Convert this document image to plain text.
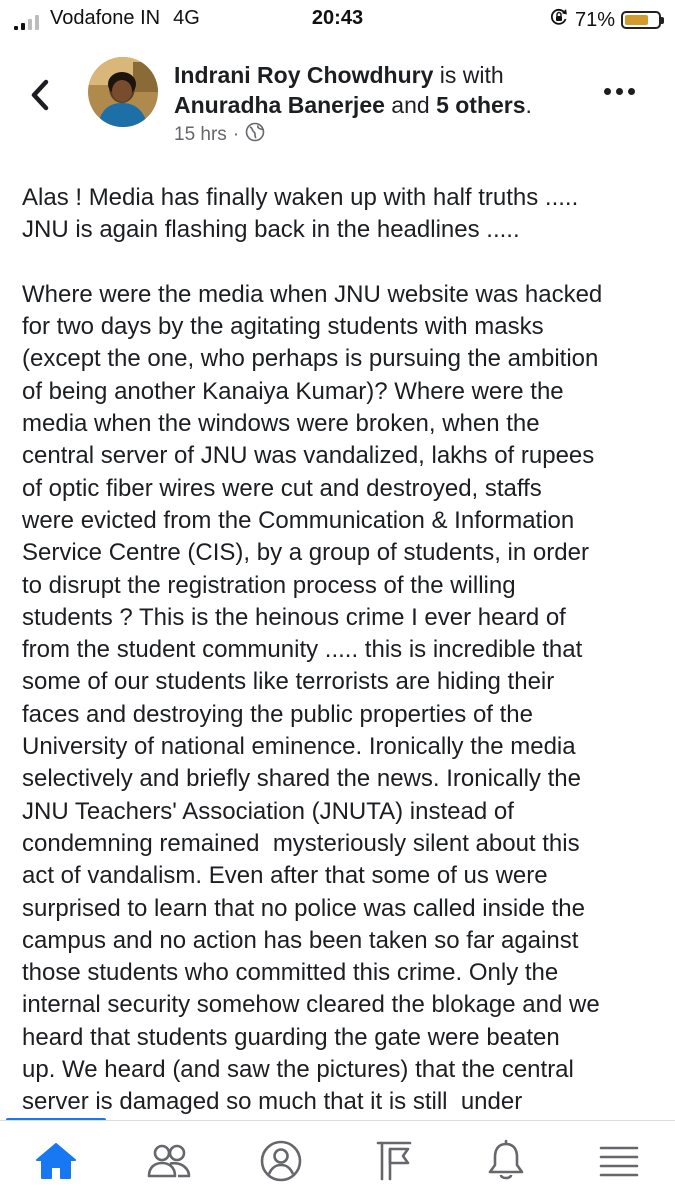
Vodafone IN 4G	20:43	71%
Indrani Roy Chowdhury is with Anuradha Banerjee and 5 others.
15 hrs ·
Alas ! Media has finally waken up with half truths .....
JNU is again flashing back in the headlines .....

Where were the media when JNU website was hacked
for two days by the agitating students with masks
(except the one, who perhaps is pursuing the ambition
of being another Kanaiya Kumar)? Where were the
media when the windows were broken, when the
central server of JNU was vandalized, lakhs of rupees
of optic fiber wires were cut and destroyed, staffs
were evicted from the Communication & Information
Service Centre (CIS), by a group of students, in order
to disrupt the registration process of the willing
students ? This is the heinous crime I ever heard of
from the student community ..... this is incredible that
some of our students like terrorists are hiding their
faces and destroying the public properties of the
University of national eminence. Ironically the media
selectively and briefly shared the news. Ironically the
JNU Teachers' Association (JNUTA) instead of
condemning remained  mysteriously silent about this
act of vandalism. Even after that some of us were
surprised to learn that no police was called inside the
campus and no action has been taken so far against
those students who committed this crime. Only the
internal security somehow cleared the blokage and we
heard that students guarding the gate were beaten
up. We heard (and saw the pictures) that the central
server is damaged so much that it is still  under
